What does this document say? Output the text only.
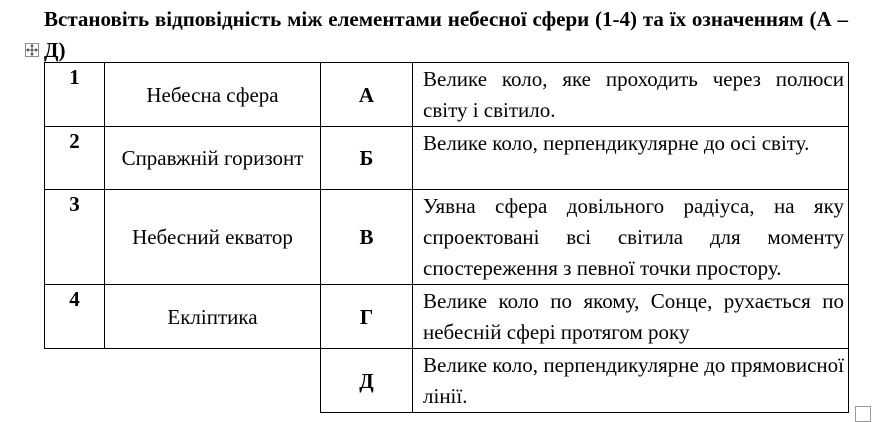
Встановіть відповідність між елементами небесної сфери (1-4) та їх означенням (А – Д)
1	Небесна сфера	А	Велике коло, яке проходить через полюси світу і світило.
2	Справжній горизонт	Б	Велике коло, перпендикулярне до осі світу.
3	Небесний екватор	В	Уявна сфера довільного радіуса, на яку спроектовані всі світила для моменту спостереження з певної точки простору.
4	Екліптика	Г	Велике коло по якому, Сонце, рухається по небесній сфері протягом року
		Д	Велике коло, перпендикулярне до прямовисної лінії.
